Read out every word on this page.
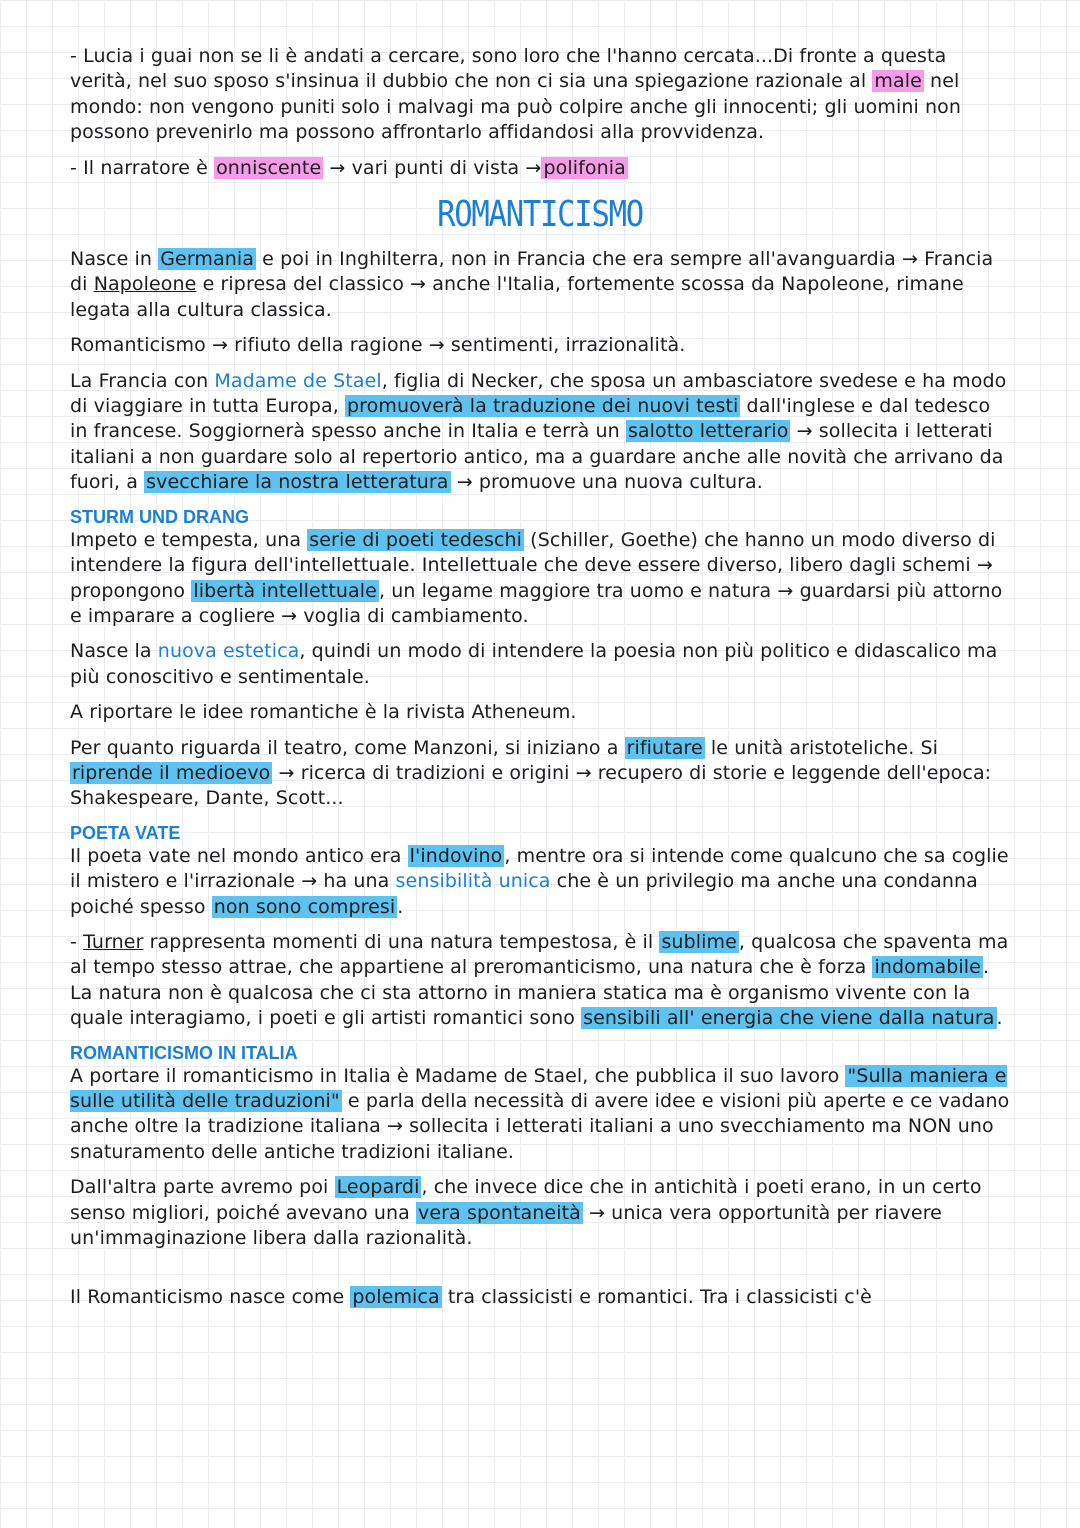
- Lucia i guai non se li è andati a cercare, sono loro che l'hanno cercata...Di fronte a questa verità, nel suo sposo s'insinua il dubbio che non ci sia una spiegazione razionale al male nel mondo: non vengono puniti solo i malvagi ma può colpire anche gli innocenti; gli uomini non possono prevenirlo ma possono affrontarlo affidandosi alla provvidenza.

- Il narratore è onniscente → vari punti di vista → polifonia

ROMANTICISMO

Nasce in Germania e poi in Inghilterra, non in Francia che era sempre all'avanguardia → Francia di Napoleone e ripresa del classico → anche l'Italia, fortemente scossa da Napoleone, rimane legata alla cultura classica.

Romanticismo → rifiuto della ragione → sentimenti, irrazionalità.

La Francia con Madame de Stael, figlia di Necker, che sposa un ambasciatore svedese e ha modo di viaggiare in tutta Europa, promuoverà la traduzione dei nuovi testi dall'inglese e dal tedesco in francese. Soggiornerà spesso anche in Italia e terrà un salotto letterario → sollecita i letterati italiani a non guardare solo al repertorio antico, ma a guardare anche alle novità che arrivano da fuori, a svecchiare la nostra letteratura → promuove una nuova cultura.

STURM UND DRANG

Impeto e tempesta, una serie di poeti tedeschi (Schiller, Goethe) che hanno un modo diverso di intendere la figura dell'intellettuale. Intellettuale che deve essere diverso, libero dagli schemi → propongono libertà intellettuale , un legame maggiore tra uomo e natura → guardarsi più attorno e imparare a cogliere → voglia di cambiamento.

Nasce la nuova estetica, quindi un modo di intendere la poesia non più politico e didascalico ma più conoscitivo e sentimentale.

A riportare le idee romantiche è la rivista Atheneum.

Per quanto riguarda il teatro, come Manzoni, si iniziano a rifiutare le unità aristoteliche. Si riprende il medioevo → ricerca di tradizioni e origini → recupero di storie e leggende dell'epoca: Shakespeare, Dante, Scott...

POETA VATE

Il poeta vate nel mondo antico era l'indovino , mentre ora si intende come qualcuno che sa coglie il mistero e l'irrazionale → ha una sensibilità unica che è un privilegio ma anche una condanna poiché spesso non sono compresi .

- Turner rappresenta momenti di una natura tempestosa, è il sublime , qualcosa che spaventa ma al tempo stesso attrae, che appartiene al preromanticismo, una natura che è forza indomabile . La natura non è qualcosa che ci sta attorno in maniera statica ma è organismo vivente con la quale interagiamo, i poeti e gli artisti romantici sono sensibili all' energia che viene dalla natura .

ROMANTICISMO IN ITALIA

A portare il romanticismo in Italia è Madame de Stael, che pubblica il suo lavoro "Sulla maniera e sulle utilità delle traduzioni" e parla della necessità di avere idee e visioni più aperte e ce vadano anche oltre la tradizione italiana → sollecita i letterati italiani a uno svecchiamento ma NON uno snaturamento delle antiche tradizioni italiane.

Dall'altra parte avremo poi Leopardi , che invece dice che in antichità i poeti erano, in un certo senso migliori, poiché avevano una vera spontaneità → unica vera opportunità per riavere un'immaginazione libera dalla razionalità.

Il Romanticismo nasce come polemica tra classicisti e romantici. Tra i classicisti c'è
